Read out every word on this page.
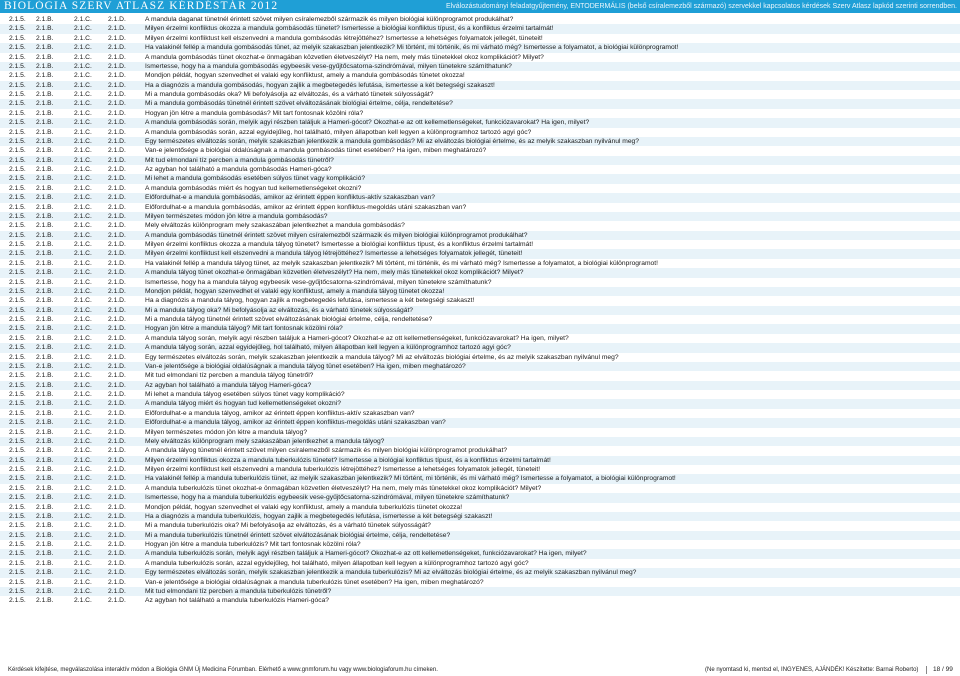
BIOLÓGIA SZERV ATLASZ KÉRDÉSTÁR 2012	Elválozástudományi feladatgyűjtemény, ENTODERMÁLIS (belső csíralemezből származó) szervekkel kapcsolatos kérdések Szerv Atlasz lapkód szerinti sorrendben.
2.1.5.	2.1.B.	2.1.C.	2.1.D.	A mandula daganat tünetnél érintett szövet milyen csíralemezből származik és milyen biológiai különprogramot produkálhat?
2.1.5.	2.1.B.	2.1.C.	2.1.D.	Milyen érzelmi konfliktus okozza a mandula gombásodás tünetet? Ismertesse a biológiai konfliktus típust, és a konfliktus érzelmi tartalmát!
2.1.5.	2.1.B.	2.1.C.	2.1.D.	Milyen érzelmi konfliktust kell elszenvedni a mandula gombásodás létrejöttéhez? Ismertesse a lehetséges folyamatok jellegét, tüneteit!
2.1.5.	2.1.B.	2.1.C.	2.1.D.	Ha valakinél fellép a mandula gombásodás tünet, az melyik szakaszban jelentkezik? Mi történt, mi történik, és mi várható még? Ismertesse a folyamatot, a biológiai különprogramot!
2.1.5.	2.1.B.	2.1.C.	2.1.D.	A mandula gombásodás tünet okozhat-e önmagában közvetlen életveszélyt? Ha nem, mely más tünetekkel okoz komplikációt? Milyet?
2.1.5.	2.1.B.	2.1.C.	2.1.D.	Ismertesse, hogy ha a mandula gombásodás egybeesik vese-gyűjtőcsatorna-szindrómával, milyen tünetekre számíthatunk?
2.1.5.	2.1.B.	2.1.C.	2.1.D.	Mondjon példát, hogyan szenvedhet el valaki egy konfliktust, amely a mandula gombásodás tünetet okozza!
2.1.5.	2.1.B.	2.1.C.	2.1.D.	Ha a diagnózis a mandula gombásodás, hogyan zajlik a megbetegedés lefutása, ismertesse a két betegségi szakaszt!
2.1.5.	2.1.B.	2.1.C.	2.1.D.	Mi a mandula gombásodás oka? Mi befolyásolja az elváltozás, és a várható tünetek súlyosságát?
2.1.5.	2.1.B.	2.1.C.	2.1.D.	Mi a mandula gombásodás tünetnél érintett szövet elváltozásának biológiai értelme, célja, rendeltetése?
2.1.5.	2.1.B.	2.1.C.	2.1.D.	Hogyan jön létre a mandula gombásodás? Mit tart fontosnak közölni róla?
2.1.5.	2.1.B.	2.1.C.	2.1.D.	A mandula gombásodás során, melyik agyi részben találjuk a Hameri-gócot? Okozhat-e az ott kellemetlenségeket, funkciózavarokat? Ha igen, milyet?
2.1.5.	2.1.B.	2.1.C.	2.1.D.	A mandula gombásodás során, azzal egyidejűleg, hol található, milyen állapotban kell legyen a különprogramhoz tartozó agyi góc?
2.1.5.	2.1.B.	2.1.C.	2.1.D.	Egy természetes elváltozás során, melyik szakaszban jelentkezik a mandula gombásodás? Mi az elváltozás biológiai értelme, és az melyik szakaszban nyilvánul meg?
2.1.5.	2.1.B.	2.1.C.	2.1.D.	Van-e jelentősége a biológiai oldalúságnak a mandula gombásodás tünet esetében? Ha igen, miben meghatározó?
2.1.5.	2.1.B.	2.1.C.	2.1.D.	Mit tud elmondani tíz percben a mandula gombásodás tünetről?
2.1.5.	2.1.B.	2.1.C.	2.1.D.	Az agyban hol található a mandula gombásodás Hameri-góca?
2.1.5.	2.1.B.	2.1.C.	2.1.D.	Mi lehet a mandula gombásodás esetében súlyos tünet vagy komplikáció?
2.1.5.	2.1.B.	2.1.C.	2.1.D.	A mandula gombásodás miért és hogyan tud kellemetlenségeket okozni?
2.1.5.	2.1.B.	2.1.C.	2.1.D.	Előfordulhat-e a mandula gombásodás, amikor az érintett éppen konfliktus-aktív szakaszban van?
2.1.5.	2.1.B.	2.1.C.	2.1.D.	Előfordulhat-e a mandula gombásodás, amikor az érintett éppen konfliktus-megoldás utáni szakaszban van?
2.1.5.	2.1.B.	2.1.C.	2.1.D.	Milyen természetes módon jön létre a mandula gombásodás?
2.1.5.	2.1.B.	2.1.C.	2.1.D.	Mely elváltozás különprogram mely szakaszában jelentkezhet a mandula gombásodás?
2.1.5.	2.1.B.	2.1.C.	2.1.D.	A mandula gombásodás tünetnél érintett szövet milyen csíralemezből származik és milyen biológiai különprogramot produkálhat?
2.1.5.	2.1.B.	2.1.C.	2.1.D.	Milyen érzelmi konfliktus okozza a mandula tályog tünetet? Ismertesse a biológiai konfliktus típust, és a konfliktus érzelmi tartalmát!
2.1.5.	2.1.B.	2.1.C.	2.1.D.	Milyen érzelmi konfliktust kell elszenvedni a mandula tályog létrejöttéhez? Ismertesse a lehetséges folyamatok jellegét, tüneteit!
2.1.5.	2.1.B.	2.1.C.	2.1.D.	Ha valakinél fellép a mandula tályog tünet, az melyik szakaszban jelentkezik? Mi történt, mi történik, és mi várható még? Ismertesse a folyamatot, a biológiai különprogramot!
2.1.5.	2.1.B.	2.1.C.	2.1.D.	A mandula tályog tünet okozhat-e önmagában közvetlen életveszélyt? Ha nem, mely más tünetekkel okoz komplikációt? Milyet?
2.1.5.	2.1.B.	2.1.C.	2.1.D.	Ismertesse, hogy ha a mandula tályog egybeesik vese-gyűjtőcsatorna-szindrómával, milyen tünetekre számíthatunk?
2.1.5.	2.1.B.	2.1.C.	2.1.D.	Mondjon példát, hogyan szenvedhet el valaki egy konfliktust, amely a mandula tályog tünetet okozza!
2.1.5.	2.1.B.	2.1.C.	2.1.D.	Ha a diagnózis a mandula tályog, hogyan zajlik a megbetegedés lefutása, ismertesse a két betegségi szakaszt!
2.1.5.	2.1.B.	2.1.C.	2.1.D.	Mi a mandula tályog oka? Mi befolyásolja az elváltozás, és a várható tünetek súlyosságát?
2.1.5.	2.1.B.	2.1.C.	2.1.D.	Mi a mandula tályog tünetnél érintett szövet elváltozásának biológiai értelme, célja, rendeltetése?
2.1.5.	2.1.B.	2.1.C.	2.1.D.	Hogyan jön létre a mandula tályog? Mit tart fontosnak közölni róla?
2.1.5.	2.1.B.	2.1.C.	2.1.D.	A mandula tályog során, melyik agyi részben találjuk a Hameri-gócot? Okozhat-e az ott kellemetlenségeket, funkciózavarokat? Ha igen, milyet?
2.1.5.	2.1.B.	2.1.C.	2.1.D.	A mandula tályog során, azzal egyidejűleg, hol található, milyen állapotban kell legyen a különprogramhoz tartozó agyi góc?
2.1.5.	2.1.B.	2.1.C.	2.1.D.	Egy természetes elváltozás során, melyik szakaszban jelentkezik a mandula tályog? Mi az elváltozás biológiai értelme, és az melyik szakaszban nyilvánul meg?
2.1.5.	2.1.B.	2.1.C.	2.1.D.	Van-e jelentősége a biológiai oldalúságnak a mandula tályog tünet esetében? Ha igen, miben meghatározó?
2.1.5.	2.1.B.	2.1.C.	2.1.D.	Mit tud elmondani tíz percben a mandula tályog tünetről?
2.1.5.	2.1.B.	2.1.C.	2.1.D.	Az agyban hol található a mandula tályog Hameri-góca?
2.1.5.	2.1.B.	2.1.C.	2.1.D.	Mi lehet a mandula tályog esetében súlyos tünet vagy komplikáció?
2.1.5.	2.1.B.	2.1.C.	2.1.D.	A mandula tályog miért és hogyan tud kellemetlenségeket okozni?
2.1.5.	2.1.B.	2.1.C.	2.1.D.	Előfordulhat-e a mandula tályog, amikor az érintett éppen konfliktus-aktív szakaszban van?
2.1.5.	2.1.B.	2.1.C.	2.1.D.	Előfordulhat-e a mandula tályog, amikor az érintett éppen konfliktus-megoldás utáni szakaszban van?
2.1.5.	2.1.B.	2.1.C.	2.1.D.	Milyen természetes módon jön létre a mandula tályog?
2.1.5.	2.1.B.	2.1.C.	2.1.D.	Mely elváltozás különprogram mely szakaszában jelentkezhet a mandula tályog?
2.1.5.	2.1.B.	2.1.C.	2.1.D.	A mandula tályog tünetnél érintett szövet milyen csíralemezből származik és milyen biológiai különprogramot produkálhat?
2.1.5.	2.1.B.	2.1.C.	2.1.D.	Milyen érzelmi konfliktus okozza a mandula tuberkulózis tünetet? Ismertesse a biológiai konfliktus típust, és a konfliktus érzelmi tartalmát!
2.1.5.	2.1.B.	2.1.C.	2.1.D.	Milyen érzelmi konfliktust kell elszenvedni a mandula tuberkulózis létrejöttéhez? Ismertesse a lehetséges folyamatok jellegét, tüneteit!
2.1.5.	2.1.B.	2.1.C.	2.1.D.	Ha valakinél fellép a mandula tuberkulózis tünet, az melyik szakaszban jelentkezik? Mi történt, mi történik, és mi várható még? Ismertesse a folyamatot, a biológiai különprogramot!
2.1.5.	2.1.B.	2.1.C.	2.1.D.	A mandula tuberkulózis tünet okozhat-e önmagában közvetlen életveszélyt? Ha nem, mely más tünetekkel okoz komplikációt? Milyet?
2.1.5.	2.1.B.	2.1.C.	2.1.D.	Ismertesse, hogy ha a mandula tuberkulózis egybeesik vese-gyűjtőcsatorna-szindrómával, milyen tünetekre számíthatunk?
2.1.5.	2.1.B.	2.1.C.	2.1.D.	Mondjon példát, hogyan szenvedhet el valaki egy konfliktust, amely a mandula tuberkulózis tünetet okozza!
2.1.5.	2.1.B.	2.1.C.	2.1.D.	Ha a diagnózis a mandula tuberkulózis, hogyan zajlik a megbetegedés lefutása, ismertesse a két betegségi szakaszt!
2.1.5.	2.1.B.	2.1.C.	2.1.D.	Mi a mandula tuberkulózis oka? Mi befolyásolja az elváltozás, és a várható tünetek súlyosságát?
2.1.5.	2.1.B.	2.1.C.	2.1.D.	Mi a mandula tuberkulózis tünetnél érintett szövet elváltozásának biológiai értelme, célja, rendeltetése?
2.1.5.	2.1.B.	2.1.C.	2.1.D.	Hogyan jön létre a mandula tuberkulózis? Mit tart fontosnak közölni róla?
2.1.5.	2.1.B.	2.1.C.	2.1.D.	A mandula tuberkulózis során, melyik agyi részben találjuk a Hameri-gócot? Okozhat-e az ott kellemetlenségeket, funkciózavarokat? Ha igen, milyet?
2.1.5.	2.1.B.	2.1.C.	2.1.D.	A mandula tuberkulózis során, azzal egyidejűleg, hol található, milyen állapotban kell legyen a különprogramhoz tartozó agyi góc?
2.1.5.	2.1.B.	2.1.C.	2.1.D.	Egy természetes elváltozás során, melyik szakaszban jelentkezik a mandula tuberkulózis? Mi az elváltozás biológiai értelme, és az melyik szakaszban nyilvánul meg?
2.1.5.	2.1.B.	2.1.C.	2.1.D.	Van-e jelentősége a biológiai oldalúságnak a mandula tuberkulózis tünet esetében? Ha igen, miben meghatározó?
2.1.5.	2.1.B.	2.1.C.	2.1.D.	Mit tud elmondani tíz percben a mandula tuberkulózis tünetről?
2.1.5.	2.1.B.	2.1.C.	2.1.D.	Az agyban hol található a mandula tuberkulózis Hameri-góca?
Kérdések kifejtése, megválaszolása interaktív módon a Biológia GNM Új Medicina Fórumban. Elérhető a www.gnmforum.hu vagy www.biologiaforum.hu címeken.	(Ne nyomtasd ki, mentsd el, INGYENES, AJÁNDÉK! Készítette: Barnai Roberto) 18 / 99
